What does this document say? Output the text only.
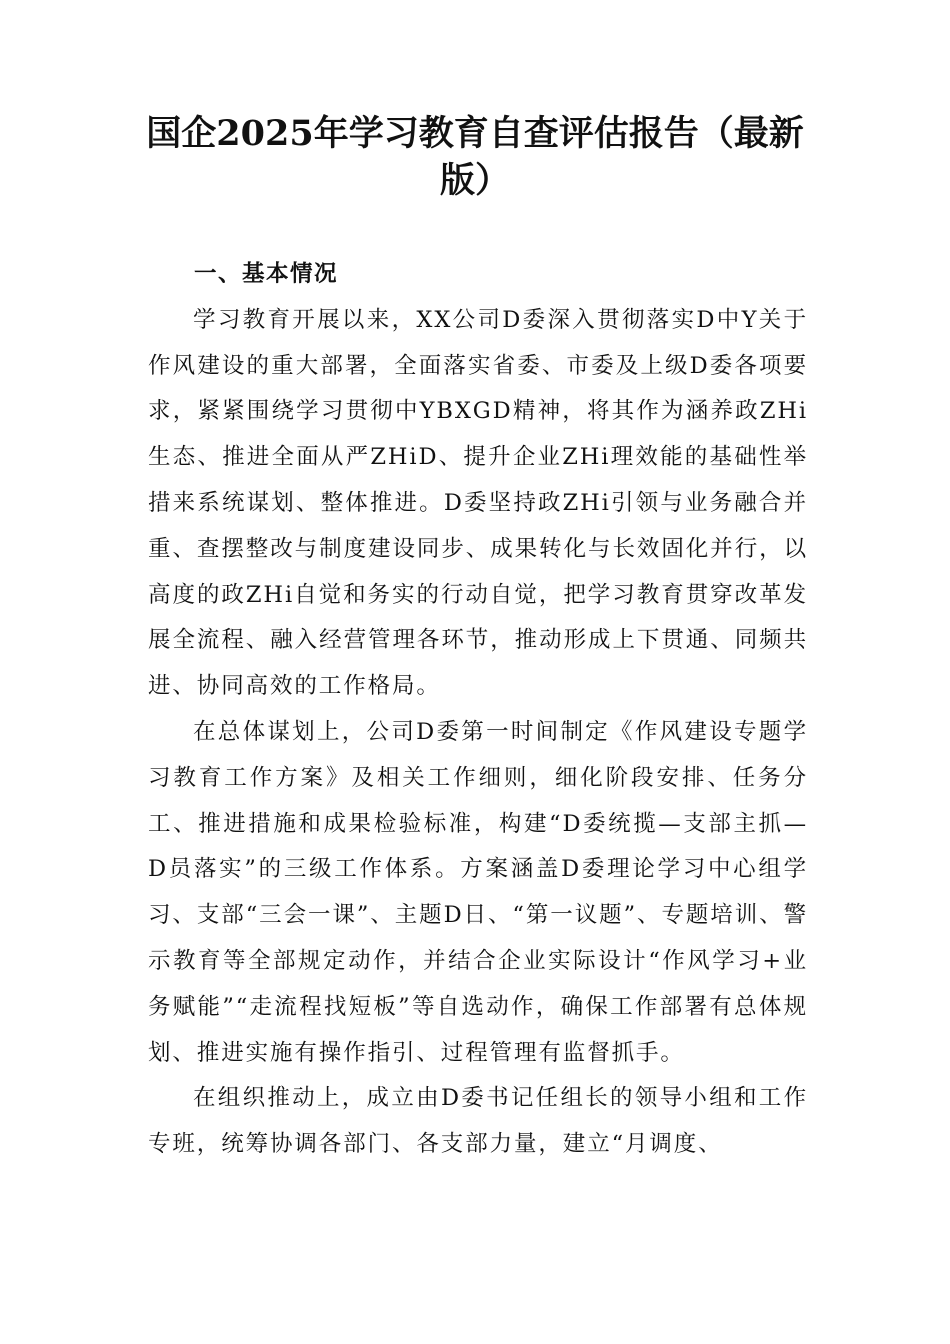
国企2025年学习教育自查评估报告（最新版）
一、基本情况

学习教育开展以来，XX公司D委深入贯彻落实D中Y关于作风建设的重大部署，全面落实省委、市委及上级D委各项要求，紧紧围绕学习贯彻中YBXGD精神，将其作为涵养政ZHi生态、推进全面从严ZHiD、提升企业ZHi理效能的基础性举措来系统谋划、整体推进。D委坚持政ZHi引领与业务融合并重、查摆整改与制度建设同步、成果转化与长效固化并行，以高度的政ZHi自觉和务实的行动自觉，把学习教育贯穿改革发展全流程、融入经营管理各环节，推动形成上下贯通、同频共进、协同高效的工作格局。

在总体谋划上，公司D委第一时间制定《作风建设专题学习教育工作方案》及相关工作细则，细化阶段安排、任务分工、推进措施和成果检验标准，构建“D委统揽—支部主抓—D员落实”的三级工作体系。方案涵盖D委理论学习中心组学习、支部“三会一课”、主题D日、“第一议题”、专题培训、警示教育等全部规定动作，并结合企业实际设计“作风学习+业务赋能”“走流程找短板”等自选动作，确保工作部署有总体规划、推进实施有操作指引、过程管理有监督抓手。

在组织推动上，成立由D委书记任组长的领导小组和工作专班，统筹协调各部门、各支部力量，建立“月调度、
